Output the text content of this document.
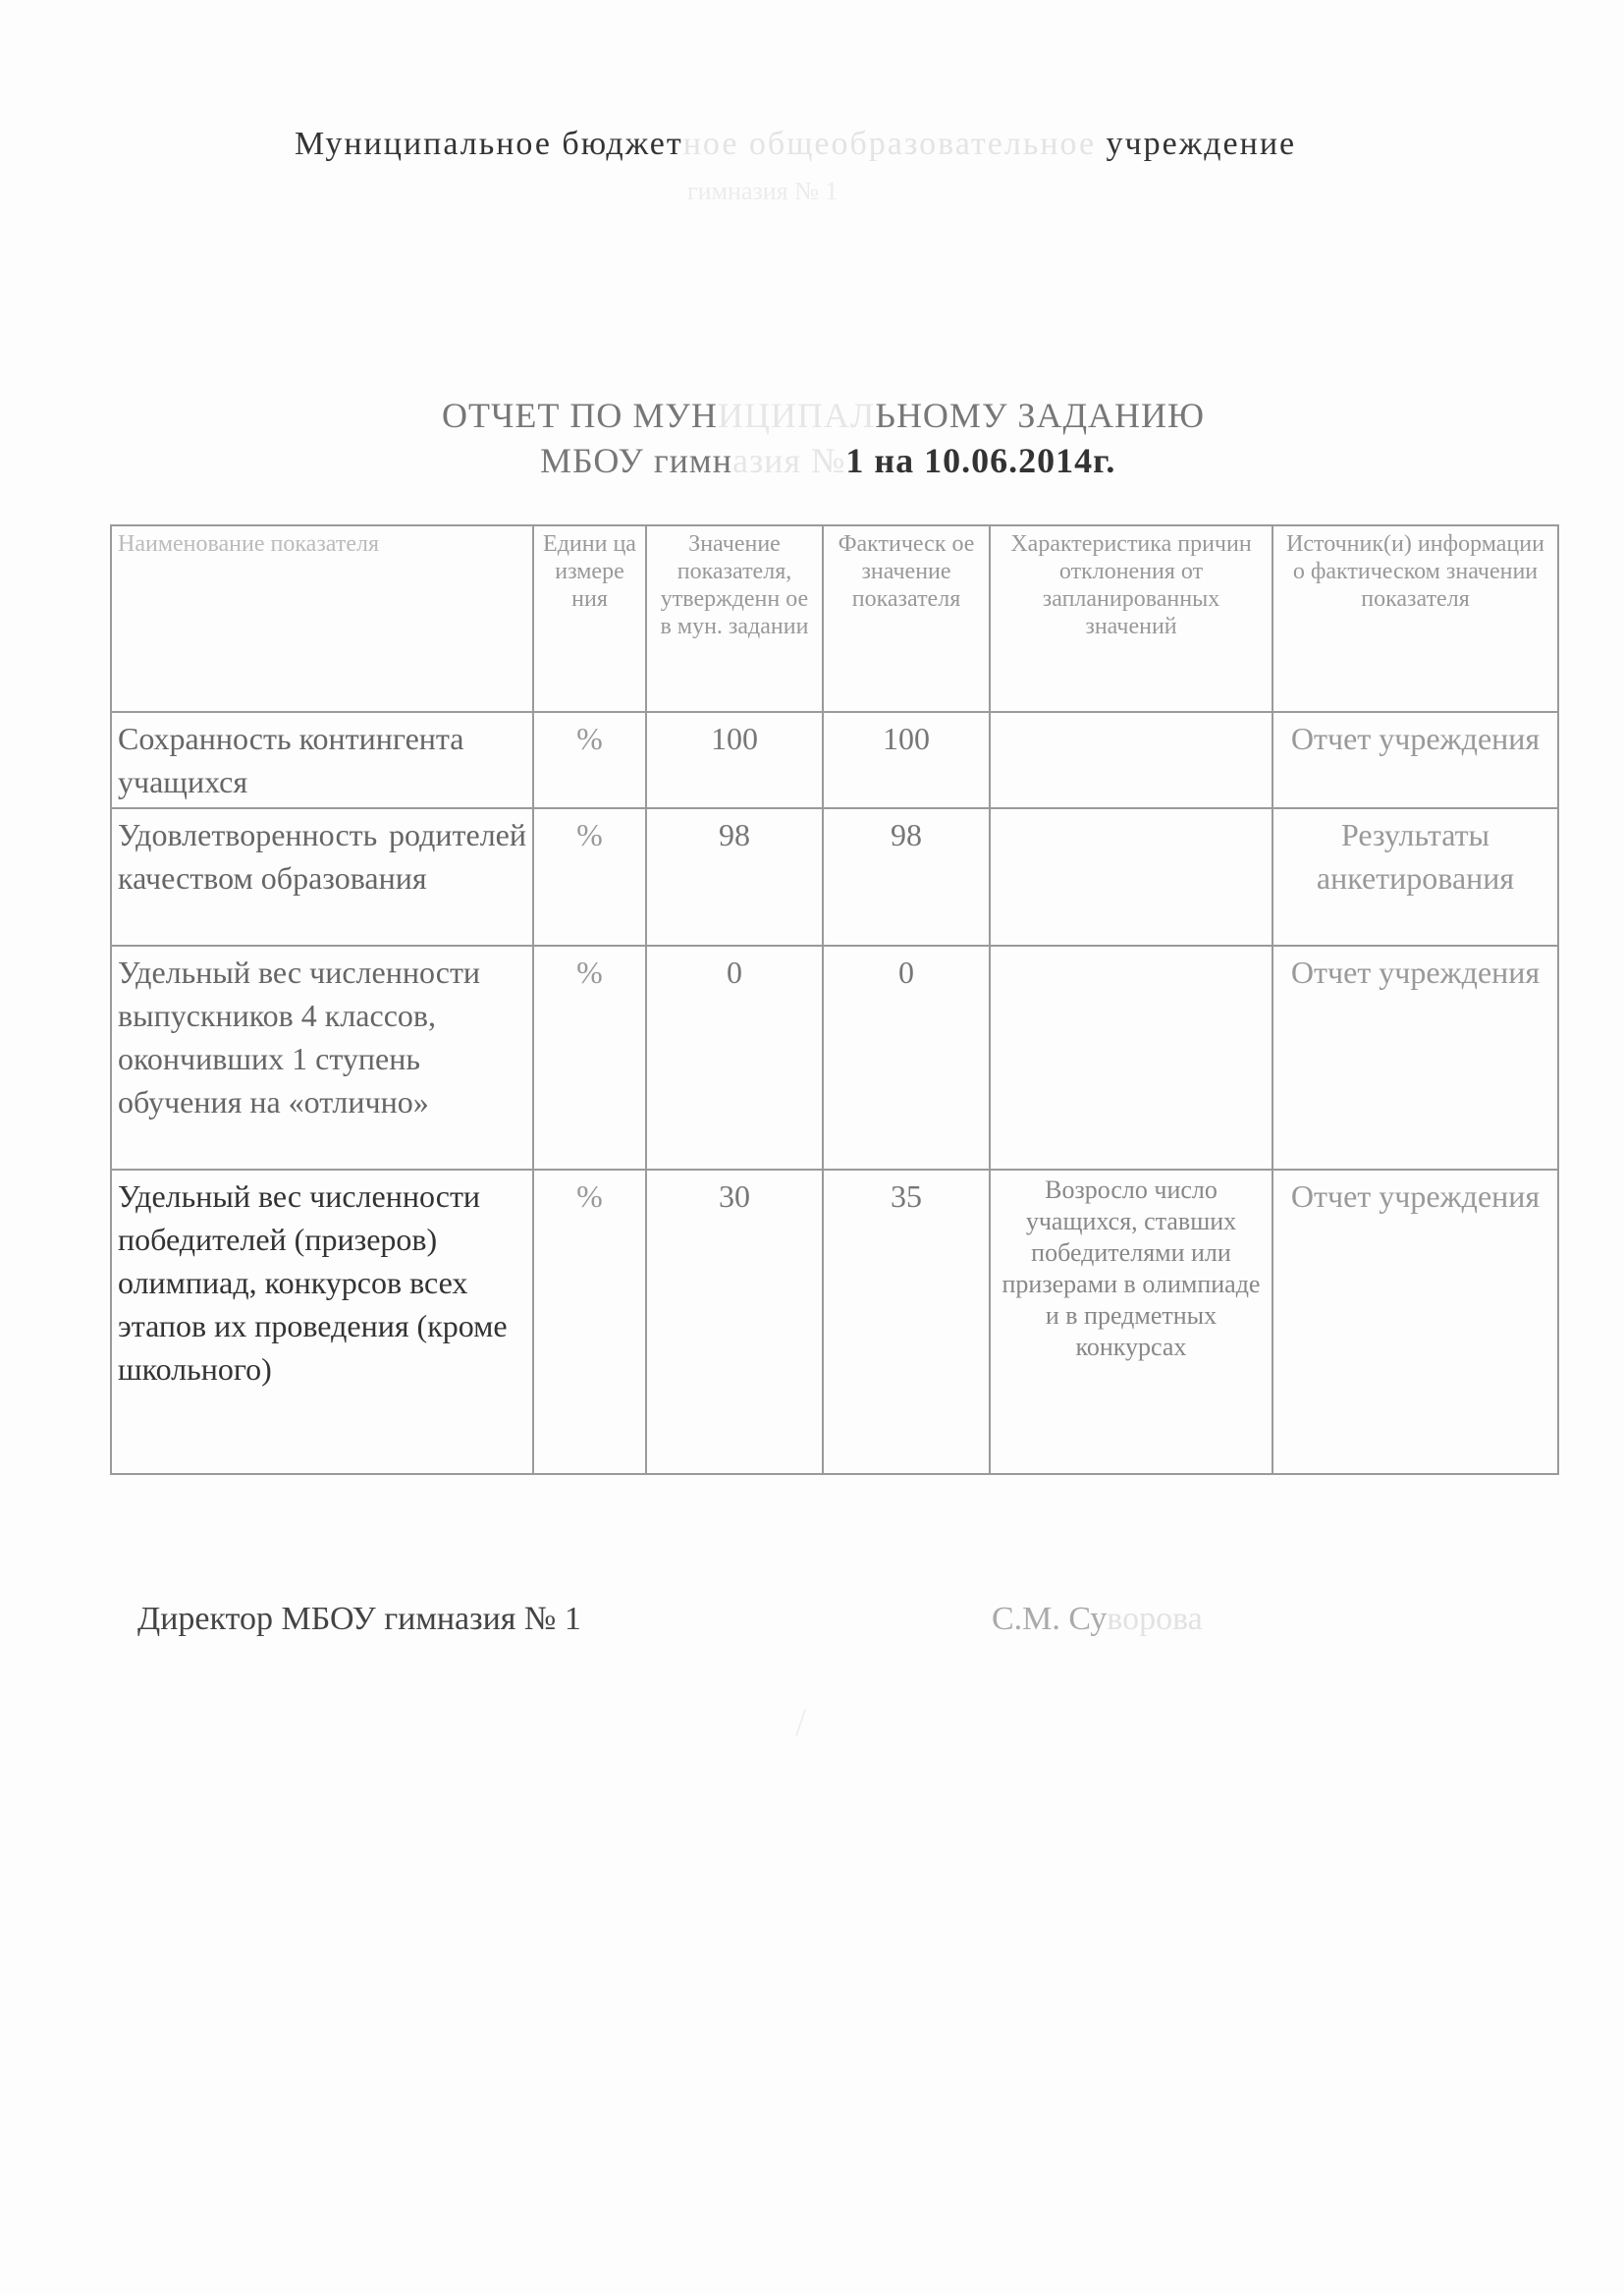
Муниципальное бюджетное общеобразовательное учреждение
гимназия № 1
ОТЧЕТ ПО МУНИЦИПАЛЬНОМУ ЗАДАНИЮ
МБОУ гимназия №1 на 10.06.2014г.
Наименование показателя	Едини ца измере ния	Значение показателя, утвержденн ое в мун. задании	Фактическ ое значение показателя	Характеристика причин отклонения от запланированных значений	Источник(и) информации о фактическом значении показателя
Сохранность контингента учащихся	%	100	100		Отчет учреждения
Удовлетворенность родителей качеством образования	%	98	98		Результаты анкетирования
Удельный вес численности выпускников 4 классов, окончивших 1 ступень обучения на «отлично»	%	0	0		Отчет учреждения
Удельный вес численности победителей (призеров) олимпиад, конкурсов всех этапов их проведения (кроме школьного)	%	30	35	Возросло число учащихся, ставших победителями или призерами в олимпиаде и в предметных конкурсах	Отчет учреждения
Директор МБОУ гимназия № 1	С.М. Суворова
/
